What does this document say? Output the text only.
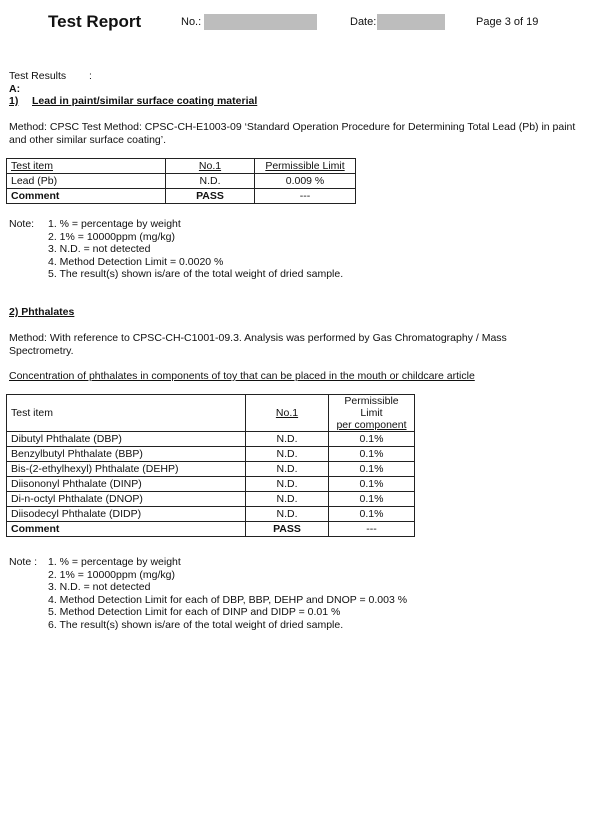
Test Report	No.:	Date:	Page 3 of 19
Test Results :
A:
1) Lead in paint/similar surface coating material
Method: CPSC Test Method: CPSC-CH-E1003-09 ‘Standard Operation Procedure for Determining Total Lead (Pb) in paint and other similar surface coating’.
Test item	No.1	Permissible Limit
Lead (Pb)	N.D.	0.009 %
Comment	PASS	---
Note: 1. % = percentage by weight
2. 1% = 10000ppm (mg/kg)
3. N.D. = not detected
4. Method Detection Limit = 0.0020 %
5. The result(s) shown is/are of the total weight of dried sample.
2) Phthalates
Method: With reference to CPSC-CH-C1001-09.3. Analysis was performed by Gas Chromatography / Mass Spectrometry.
Concentration of phthalates in components of toy that can be placed in the mouth or childcare article
Test item	No.1	Permissible Limit
per component

Dibutyl Phthalate (DBP)	N.D.	0.1%
Benzylbutyl Phthalate (BBP)	N.D.	0.1%
Bis-(2-ethylhexyl) Phthalate (DEHP)	N.D.	0.1%
Diisononyl Phthalate (DINP)	N.D.	0.1%
Di-n-octyl Phthalate (DNOP)	N.D.	0.1%
Diisodecyl Phthalate (DIDP)	N.D.	0.1%
Comment	PASS	---
Note : 1. % = percentage by weight
2. 1% = 10000ppm (mg/kg)
3. N.D. = not detected
4. Method Detection Limit for each of DBP, BBP, DEHP and DNOP = 0.003 %
5. Method Detection Limit for each of DINP and DIDP = 0.01 %
6. The result(s) shown is/are of the total weight of dried sample.
